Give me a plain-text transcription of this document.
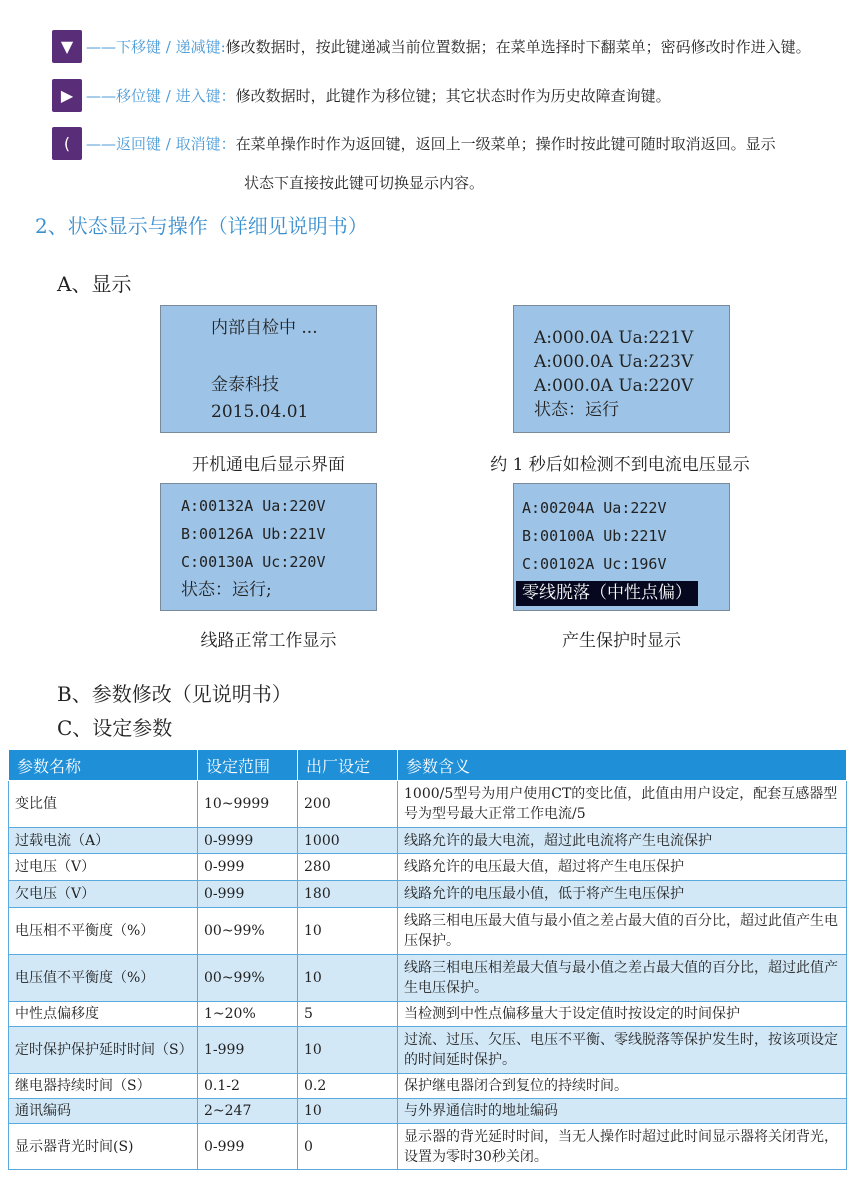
▼ ——下移键 / 递减键: 修改数据时，按此键递减当前位置数据；在菜单选择时下翻菜单；密码修改时作进入键。
▶ ——移位键 / 进入键： 修改数据时，此键作为移位键；其它状态时作为历史故障查询键。
(	——返回键 / 取消键： 在菜单操作时作为返回键，返回上一级菜单；操作时按此键可随时取消返回。显示
状态下直接按此键可切换显示内容。
2、状态显示与操作（详细见说明书）
A、显示
内部自检中 ...
金泰科技
2015.04.01
开机通电后显示界面
A:000.0A Ua:221V
A:000.0A Ua:223V
A:000.0A Ua:220V
状态：运行
约 1 秒后如检测不到电流电压显示
A:00132A Ua:220V
B:00126A Ub:221V
C:00130A Uc:220V
状态：运行;
线路正常工作显示
A:00204A Ua:222V
B:00100A Ub:221V
C:00102A Uc:196V
零线脱落（中性点偏）
产生保护时显示
B、参数修改（见说明书）
C、设定参数
参数名称	设定范围	出厂设定	参数含义
变比值	10~9999	200	1000/5型号为用户使用CT的变比值，此值由用户设定，配套互感器型号为型号最大正常工作电流/5
过载电流（A）	0-9999	1000	线路允许的最大电流，超过此电流将产生电流保护
过电压（V）	0-999	280	线路允许的电压最大值，超过将产生电压保护
欠电压（V）	0-999	180	线路允许的电压最小值，低于将产生电压保护
电压相不平衡度（%）	00~99%	10	线路三相电压最大值与最小值之差占最大值的百分比，超过此值产生电压保护。
电压值不平衡度（%）	00~99%	10	线路三相电压相差最大值与最小值之差占最大值的百分比，超过此值产生电压保护。
中性点偏移度	1~20%	5	当检测到中性点偏移量大于设定值时按设定的时间保护
定时保护保护延时时间（S）	1-999	10	过流、过压、欠压、电压不平衡、零线脱落等保护发生时，按该项设定的时间延时保护。
继电器持续时间（S）	0.1-2	0.2	保护继电器闭合到复位的持续时间。
通讯编码	2~247	10	与外界通信时的地址编码
显示器背光时间(S)	0-999	0	显示器的背光延时时间，当无人操作时超过此时间显示器将关闭背光，设置为零时30秒关闭。
